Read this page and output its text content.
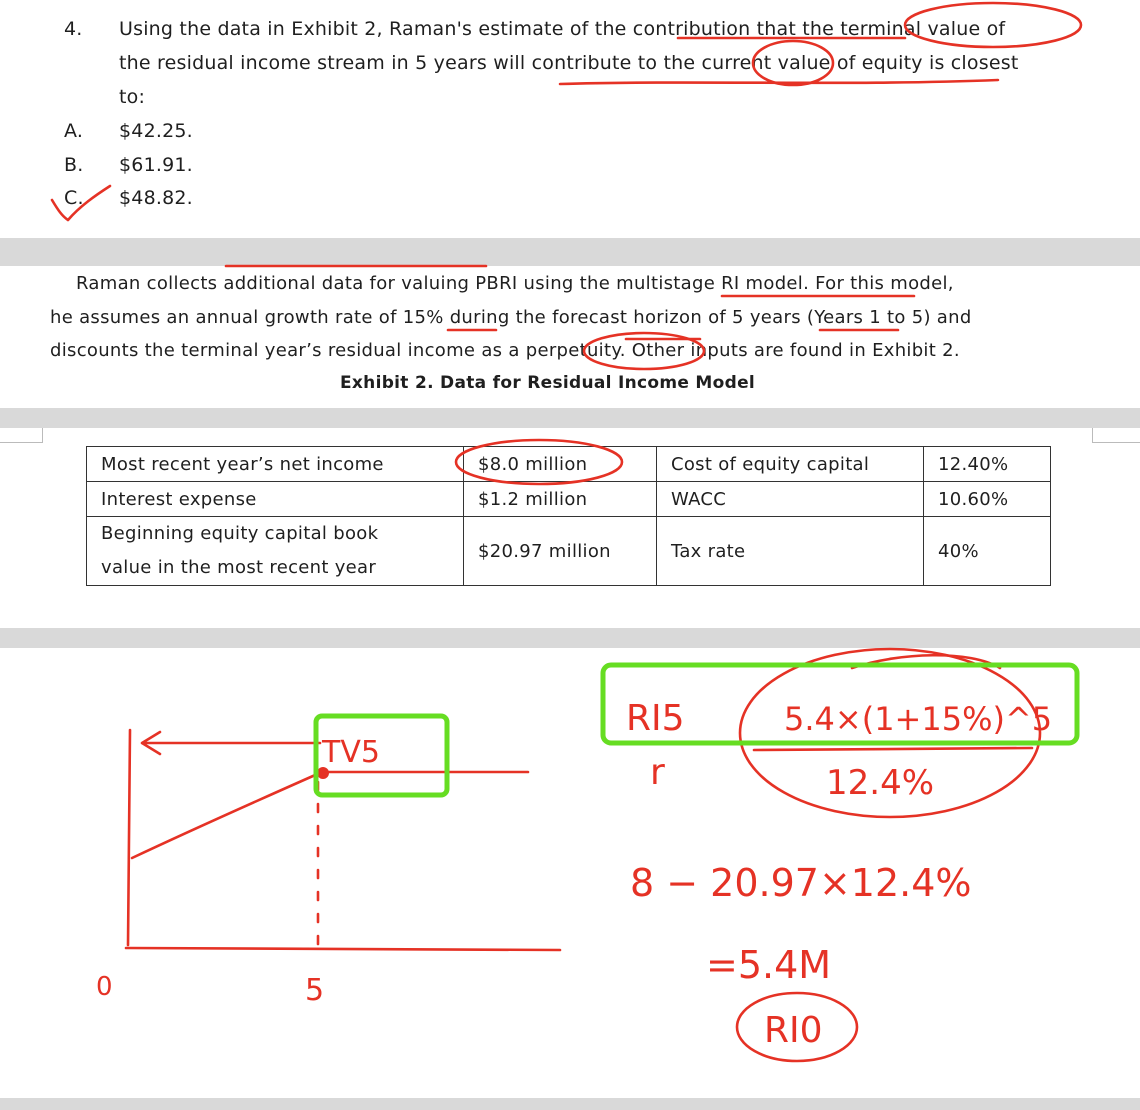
4. Using the data in Exhibit 2, Raman's estimate of the contribution that the terminal value of
the residual income stream in 5 years will contribute to the current value of equity is closest
to:
A. $42.25.
B. $61.91.
C. $48.82.
Raman collects additional data for valuing PBRI using the multistage RI model. For this model,
he assumes an annual growth rate of 15% during the forecast horizon of 5 years (Years 1 to 5) and
discounts the terminal year’s residual income as a perpetuity. Other inputs are found in Exhibit 2.
Exhibit 2. Data for Residual Income Model
Most recent year’s net income	$8.0 million	Cost of equity capital	12.40%
Interest expense	$1.2 million	WACC	10.60%

Beginning equity capital book
value in the most recent year	$20.97 million	Tax rate	40%
0	5
TV5
RI5
r
5.4×(1+15%)^5
12.4%
8 − 20.97×12.4%
=5.4M
RI0
